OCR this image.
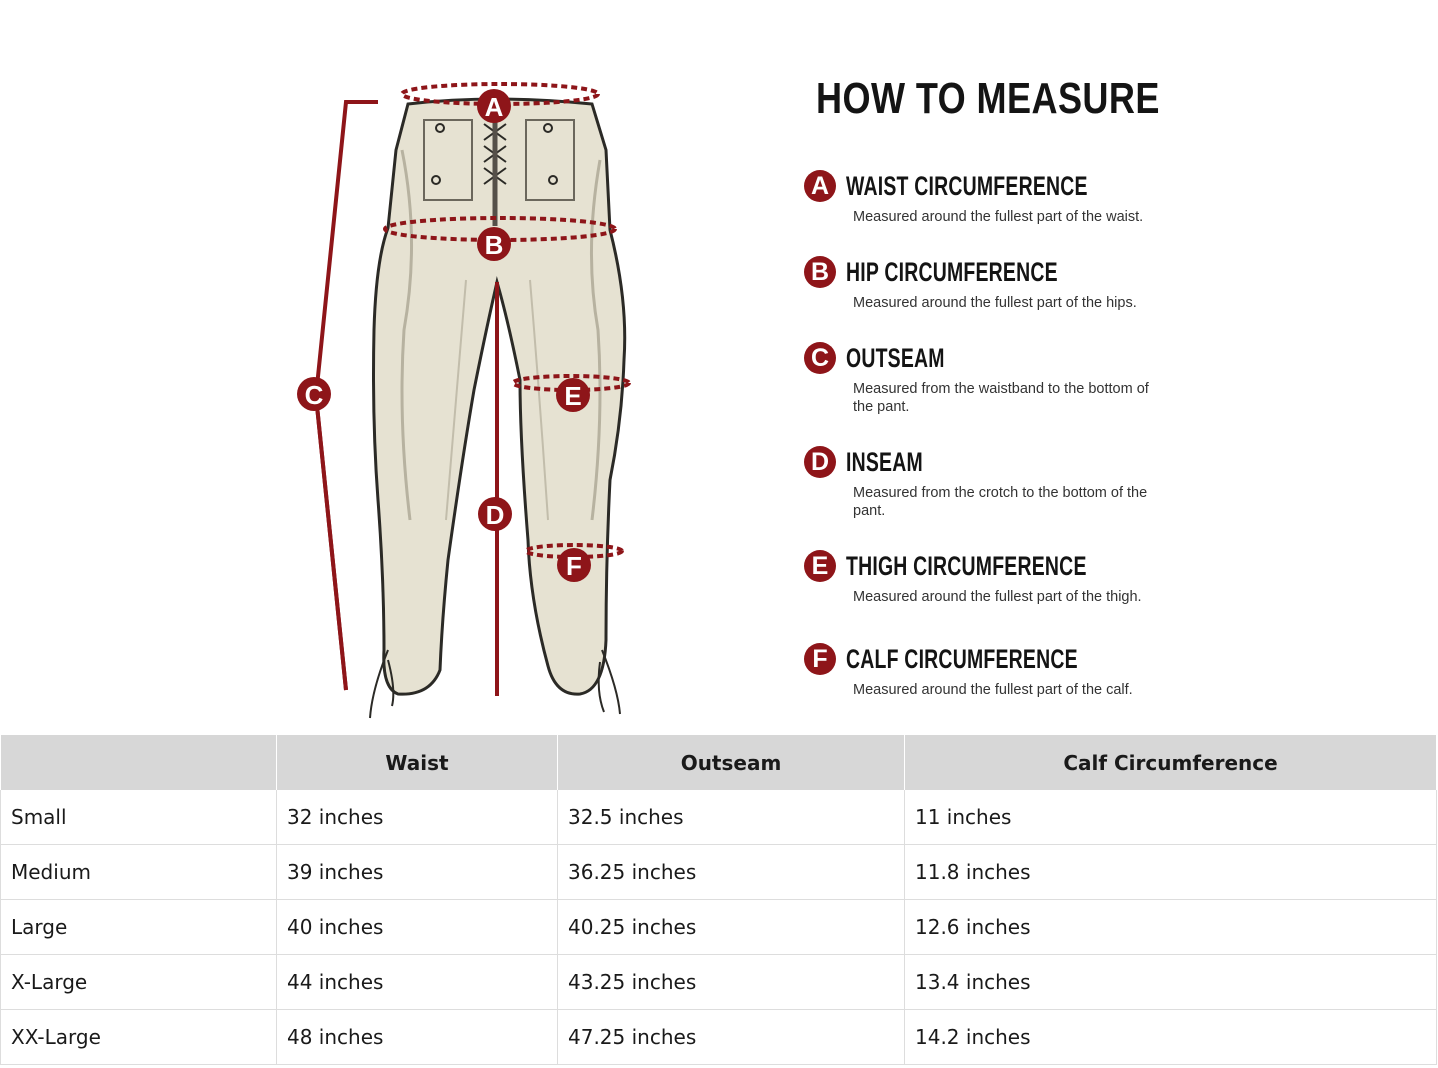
A
B
C
D
E
F
HOW TO MEASURE
A WAIST CIRCUMFERENCE
Measured around the fullest part of the waist.
B HIP CIRCUMFERENCE
Measured around the fullest part of the hips.
C OUTSEAM
Measured from the waistband to the bottom of the pant.
D INSEAM
Measured from the crotch to the bottom of the pant.
E THIGH CIRCUMFERENCE
Measured around the fullest part of the thigh.
F CALF CIRCUMFERENCE
Measured around the fullest part of the calf.
	Waist	Outseam	Calf Circumference
Small	32 inches	32.5 inches	11 inches
Medium	39 inches	36.25 inches	11.8 inches
Large	40 inches	40.25 inches	12.6 inches
X-Large	44 inches	43.25 inches	13.4 inches
XX-Large	48 inches	47.25 inches	14.2 inches
